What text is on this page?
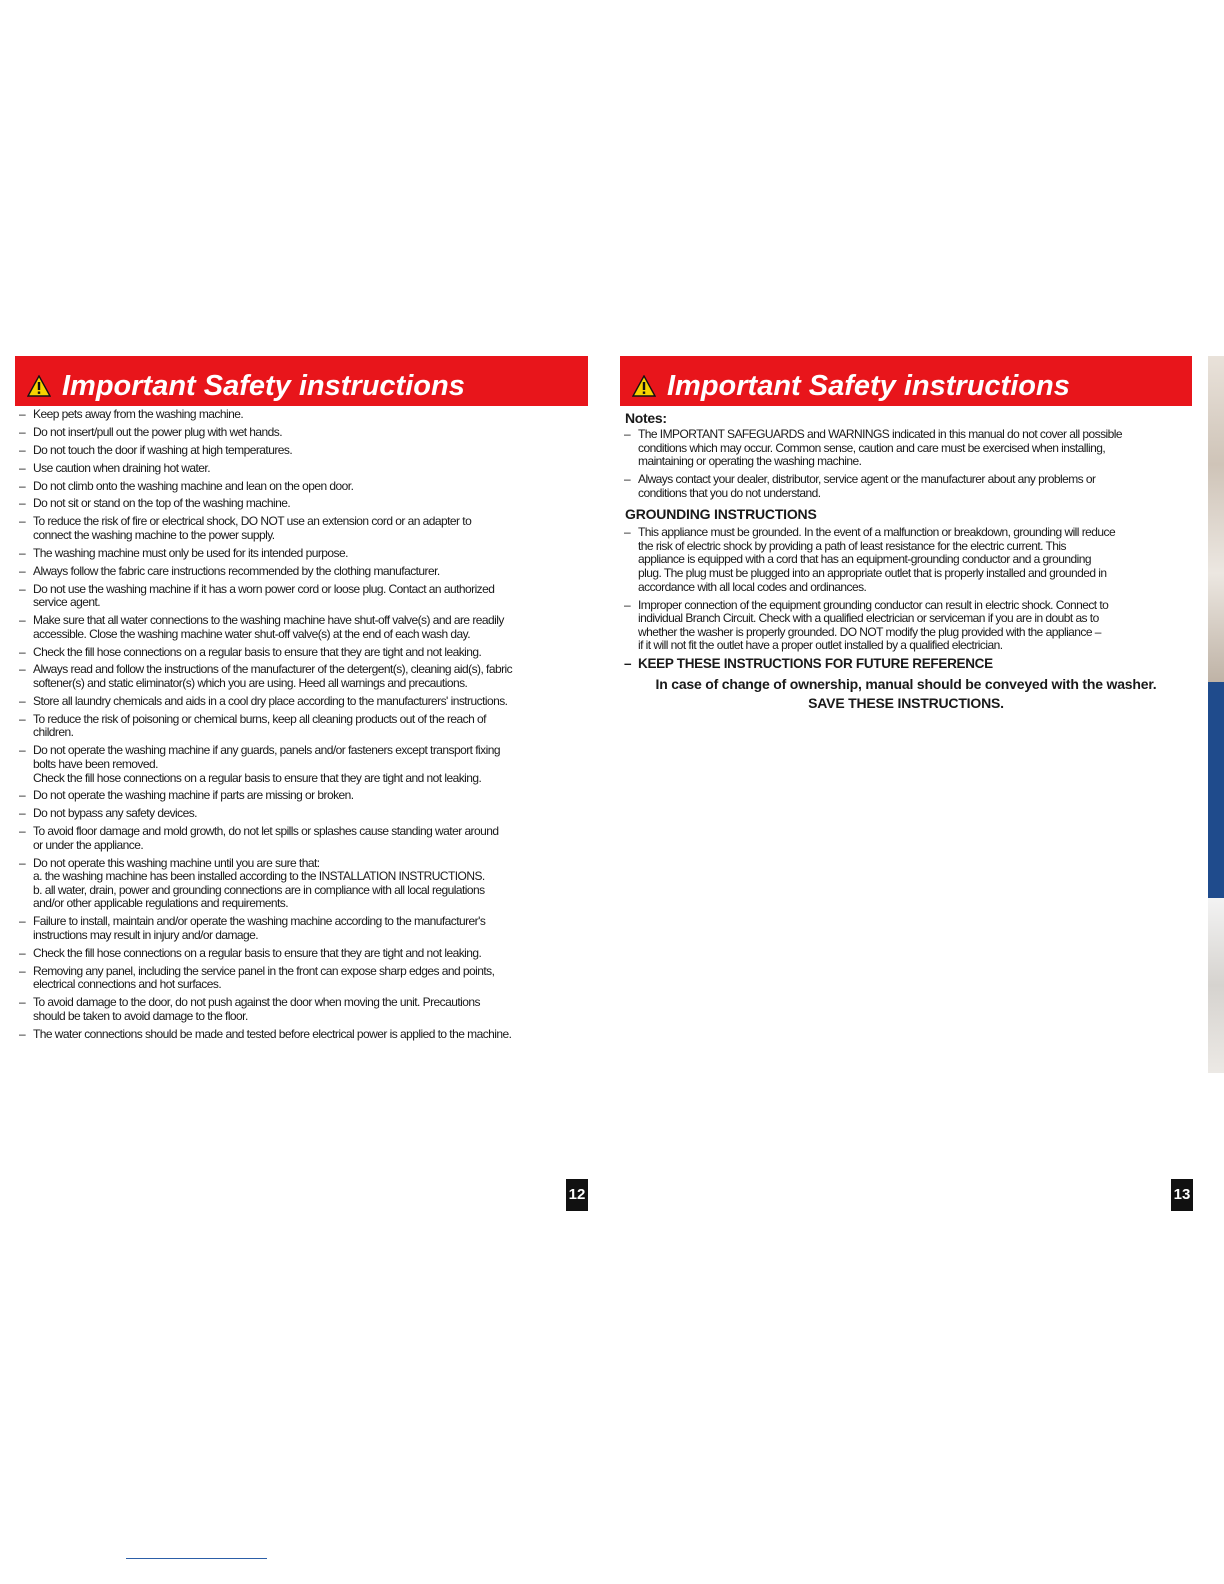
Important Safety instructions
– Keep pets away from the washing machine.
– Do not insert/pull out the power plug with wet hands.
– Do not touch the door if washing at high temperatures.
– Use caution when draining hot water.
– Do not climb onto the washing machine and lean on the open door.
– Do not sit or stand on the top of the washing machine.
– To reduce the risk of fire or electrical shock, DO NOT use an extension cord or an adapter to
connect the washing machine to the power supply.
– The washing machine must only be used for its intended purpose.
– Always follow the fabric care instructions recommended by the clothing manufacturer.
– Do not use the washing machine if it has a worn power cord or loose plug. Contact an authorized
service agent.
– Make sure that all water connections to the washing machine have shut-off valve(s) and are readily
accessible. Close the washing machine water shut-off valve(s) at the end of each wash day.
– Check the fill hose connections on a regular basis to ensure that they are tight and not leaking.
– Always read and follow the instructions of the manufacturer of the detergent(s), cleaning aid(s), fabric
softener(s) and static eliminator(s) which you are using. Heed all warnings and precautions.
– Store all laundry chemicals and aids in a cool dry place according to the manufacturers' instructions.
– To reduce the risk of poisoning or chemical burns, keep all cleaning products out of the reach of
children.
– Do not operate the washing machine if any guards, panels and/or fasteners except transport fixing
bolts have been removed.
Check the fill hose connections on a regular basis to ensure that they are tight and not leaking.
– Do not operate the washing machine if parts are missing or broken.
– Do not bypass any safety devices.
– To avoid floor damage and mold growth, do not let spills or splashes cause standing water around
or under the appliance.
– Do not operate this washing machine until you are sure that:
a. the washing machine has been installed according to the INSTALLATION INSTRUCTIONS.
b. all water, drain, power and grounding connections are in compliance with all local regulations
and/or other applicable regulations and requirements.
– Failure to install, maintain and/or operate the washing machine according to the manufacturer's
instructions may result in injury and/or damage.
– Check the fill hose connections on a regular basis to ensure that they are tight and not leaking.
– Removing any panel, including the service panel in the front can expose sharp edges and points,
electrical connections and hot surfaces.
– To avoid damage to the door, do not push against the door when moving the unit. Precautions
should be taken to avoid damage to the floor.
– The water connections should be made and tested before electrical power is applied to the machine.
12
Important Safety instructions
Notes:
– The IMPORTANT SAFEGUARDS and WARNINGS indicated in this manual do not cover all possible
conditions which may occur. Common sense, caution and care must be exercised when installing,
maintaining or operating the washing machine.
– Always contact your dealer, distributor, service agent or the manufacturer about any problems or
conditions that you do not understand.
GROUNDING INSTRUCTIONS
– This appliance must be grounded. In the event of a malfunction or breakdown, grounding will reduce
the risk of electric shock by providing a path of least resistance for the electric current. This
appliance is equipped with a cord that has an equipment-grounding conductor and a grounding
plug. The plug must be plugged into an appropriate outlet that is properly installed and grounded in
accordance with all local codes and ordinances.
– Improper connection of the equipment grounding conductor can result in electric shock. Connect to
individual Branch Circuit. Check with a qualified electrician or serviceman if you are in doubt as to
whether the washer is properly grounded. DO NOT modify the plug provided with the appliance –
if it will not fit the outlet have a proper outlet installed by a qualified electrician.
– KEEP THESE INSTRUCTIONS FOR FUTURE REFERENCE
In case of change of ownership, manual should be conveyed with the washer.
SAVE THESE INSTRUCTIONS.
13
